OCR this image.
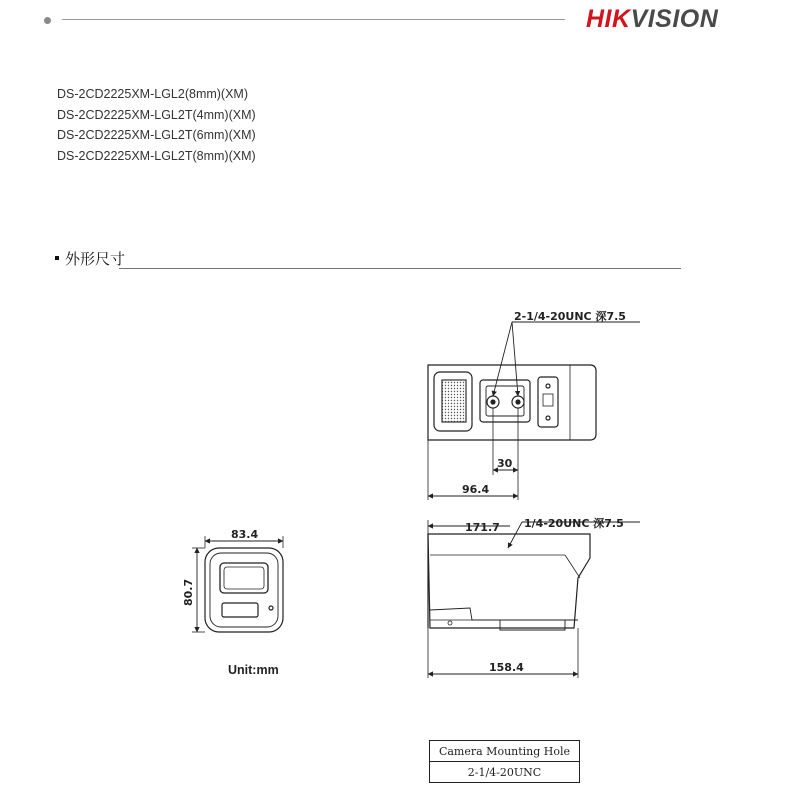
HIKVISION
DS-2CD2225XM-LGL2(8mm)(XM)
DS-2CD2225XM-LGL2T(4mm)(XM)
DS-2CD2225XM-LGL2T(6mm)(XM)
DS-2CD2225XM-LGL2T(8mm)(XM)
外形尺寸
2-1/4-20UNC 深7.5
30
96.4
171.7 1/4-20UNC 深7.5
158.4
83.4
80.7
Unit:mm
Camera Mounting Hole
2-1/4-20UNC
